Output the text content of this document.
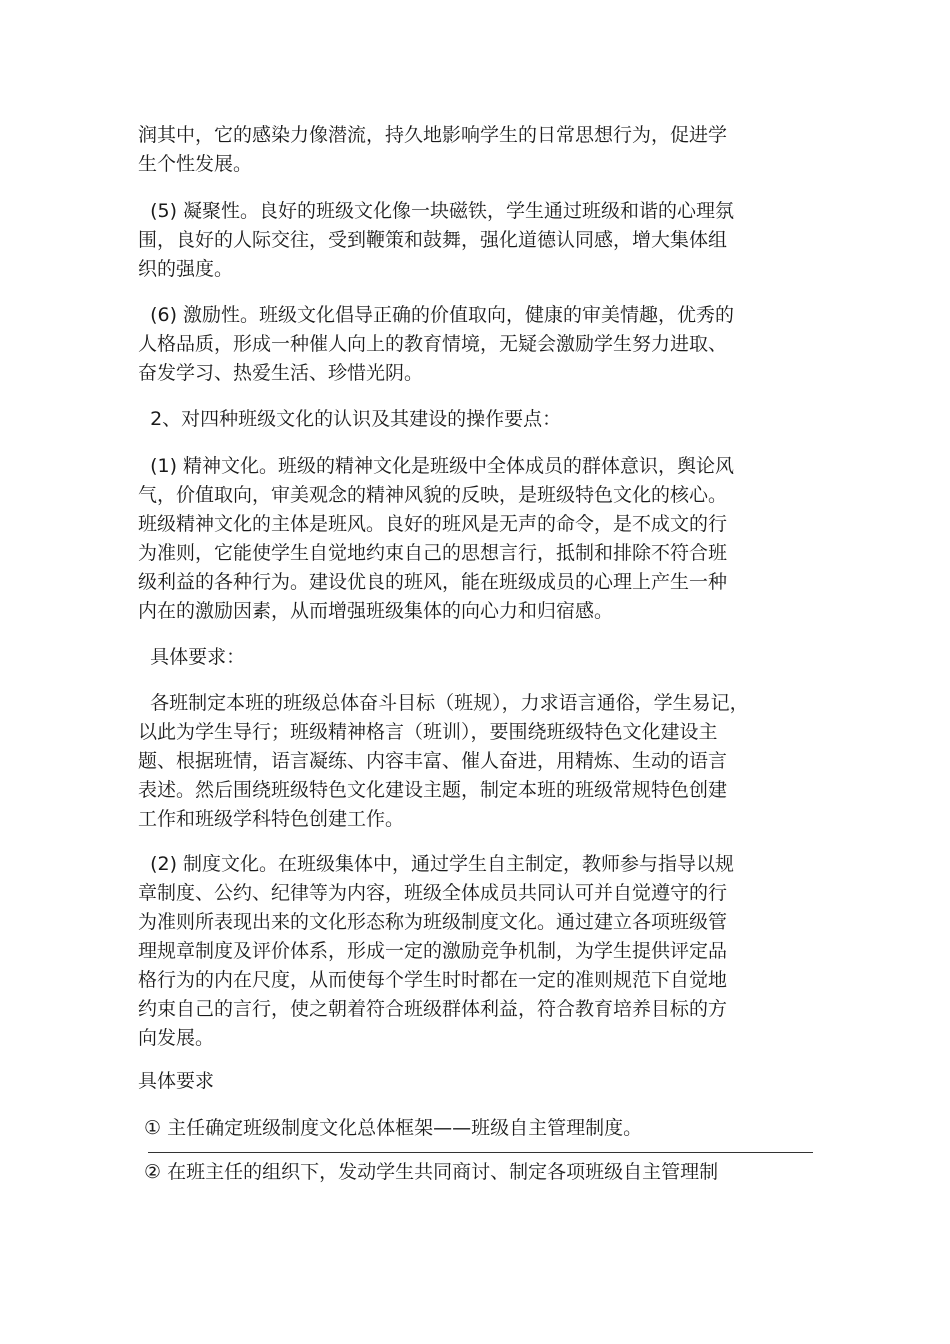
润其中，它的感染力像潜流，持久地影响学生的日常思想行为，促进学
生个性发展。

(5) 凝聚性。良好的班级文化像一块磁铁，学生通过班级和谐的心理氛
围，良好的人际交往，受到鞭策和鼓舞，强化道德认同感，增大集体组
织的强度。

(6) 激励性。班级文化倡导正确的价值取向，健康的审美情趣，优秀的
人格品质，形成一种催人向上的教育情境，无疑会激励学生努力进取、
奋发学习、热爱生活、珍惜光阴。

2、对四种班级文化的认识及其建设的操作要点：

(1) 精神文化。班级的精神文化是班级中全体成员的群体意识，舆论风
气，价值取向，审美观念的精神风貌的反映，是班级特色文化的核心。
班级精神文化的主体是班风。良好的班风是无声的命令，是不成文的行
为准则，它能使学生自觉地约束自己的思想言行，抵制和排除不符合班
级利益的各种行为。建设优良的班风，能在班级成员的心理上产生一种
内在的激励因素，从而增强班级集体的向心力和归宿感。

具体要求：

各班制定本班的班级总体奋斗目标（班规），力求语言通俗，学生易记，
以此为学生导行；班级精神格言（班训），要围绕班级特色文化建设主
题、根据班情，语言凝练、内容丰富、催人奋进，用精炼、生动的语言
表述。然后围绕班级特色文化建设主题，制定本班的班级常规特色创建
工作和班级学科特色创建工作。

(2) 制度文化。在班级集体中，通过学生自主制定，教师参与指导以规
章制度、公约、纪律等为内容，班级全体成员共同认可并自觉遵守的行
为准则所表现出来的文化形态称为班级制度文化。通过建立各项班级管
理规章制度及评价体系，形成一定的激励竞争机制，为学生提供评定品
格行为的内在尺度，从而使每个学生时时都在一定的准则规范下自觉地
约束自己的言行，使之朝着符合班级群体利益，符合教育培养目标的方
向发展。

具体要求

① 主任确定班级制度文化总体框架——班级自主管理制度。

② 在班主任的组织下，发动学生共同商讨、制定各项班级自主管理制
